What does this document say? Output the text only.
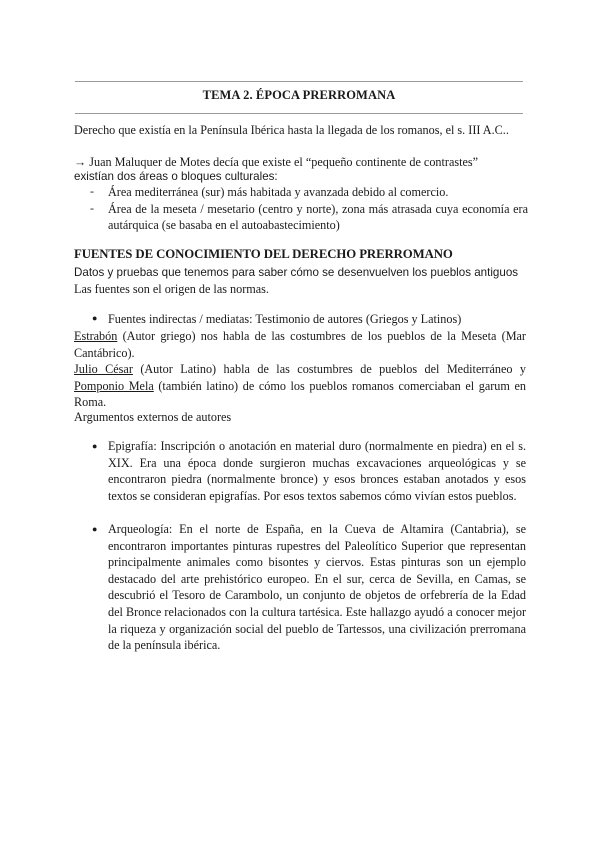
TEMA 2. ÉPOCA PRERROMANA
Derecho que existía en la Península Ibérica hasta la llegada de los romanos, el s. III A.C..
→ Juan Maluquer de Motes decía que existe el “pequeño continente de contrastes”
existían dos áreas o bloques culturales:
- Área mediterránea (sur) más habitada y avanzada debido al comercio.
- Área de la meseta / mesetario (centro y norte), zona más atrasada cuya economía era autárquica (se basaba en el autoabastecimiento)
FUENTES DE CONOCIMIENTO DEL DERECHO PRERROMANO
Datos y pruebas que tenemos para saber cómo se desenvuelven los pueblos antiguos
Las fuentes son el origen de las normas.
● Fuentes indirectas / mediatas: Testimonio de autores (Griegos y Latinos)
Estrabón (Autor griego) nos habla de las costumbres de los pueblos de la Meseta (Mar Cantábrico).
Julio César (Autor Latino) habla de las costumbres de pueblos del Mediterráneo y Pomponio Mela (también latino) de cómo los pueblos romanos comerciaban el garum en Roma.
Argumentos externos de autores
● Epigrafía: Inscripción o anotación en material duro (normalmente en piedra) en el s. XIX. Era una época donde surgieron muchas excavaciones arqueológicas y se encontraron piedra (normalmente bronce) y esos bronces estaban anotados y esos textos se consideran epigrafías. Por esos textos sabemos cómo vivían estos pueblos.
● Arqueología: En el norte de España, en la Cueva de Altamira (Cantabria), se encontraron importantes pinturas rupestres del Paleolítico Superior que representan principalmente animales como bisontes y ciervos. Estas pinturas son un ejemplo destacado del arte prehistórico europeo. En el sur, cerca de Sevilla, en Camas, se descubrió el Tesoro de Carambolo, un conjunto de objetos de orfebrería de la Edad del Bronce relacionados con la cultura tartésica. Este hallazgo ayudó a conocer mejor la riqueza y organización social del pueblo de Tartessos, una civilización prerromana de la península ibérica.
